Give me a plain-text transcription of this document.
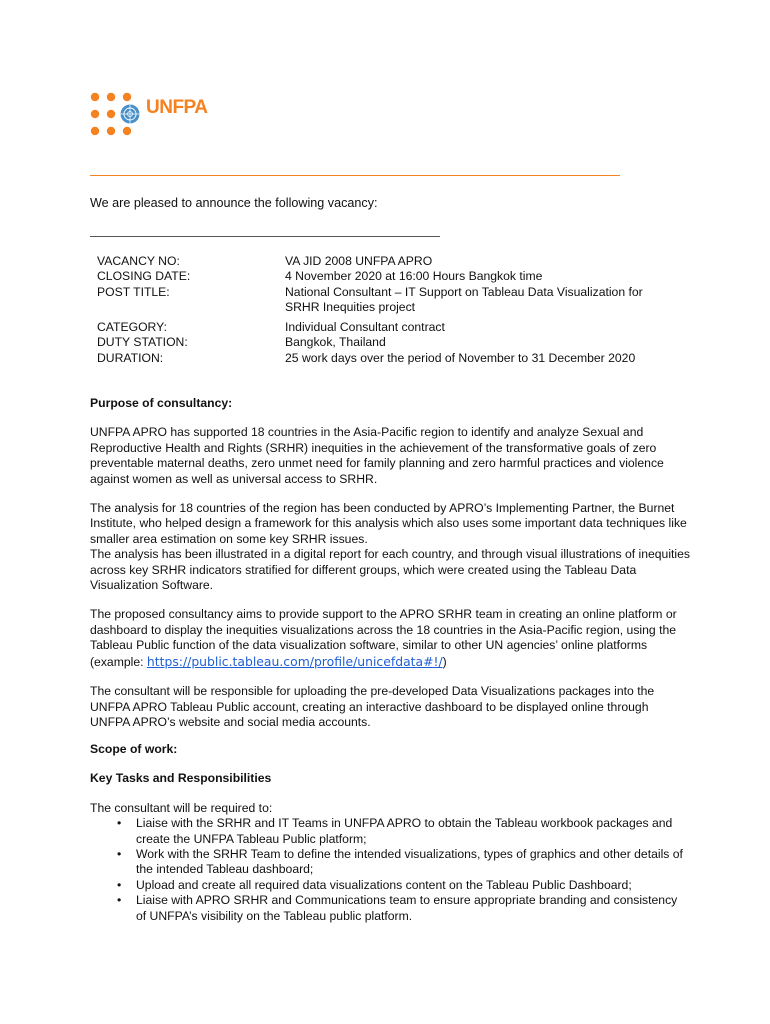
UNFPA
We are pleased to announce the following vacancy:
VACANCY NO:
CLOSING DATE:
POST TITLE:
CATEGORY:
DUTY STATION:
DURATION:
VA JID 2008 UNFPA APRO
4 November 2020 at 16:00 Hours Bangkok time
National Consultant – IT Support on Tableau Data Visualization for
SRHR Inequities project
Individual Consultant contract
Bangkok, Thailand
25 work days over the period of November to 31 December 2020

Purpose of consultancy:

UNFPA APRO has supported 18 countries in the Asia-Pacific region to identify and analyze Sexual and Reproductive Health and Rights (SRHR) inequities in the achievement of the transformative goals of zero preventable maternal deaths, zero unmet need for family planning and zero harmful practices and violence against women as well as universal access to SRHR.

The analysis for 18 countries of the region has been conducted by APRO’s Implementing Partner, the Burnet Institute, who helped design a framework for this analysis which also uses some important data techniques like smaller area estimation on some key SRHR issues.

The analysis has been illustrated in a digital report for each country, and through visual illustrations of inequities across key SRHR indicators stratified for different groups, which were created using the Tableau Data Visualization Software.

The proposed consultancy aims to provide support to the APRO SRHR team in creating an online platform or dashboard to display the inequities visualizations across the 18 countries in the Asia-Pacific region, using the Tableau Public function of the data visualization software, similar to other UN agencies’ online platforms
(example: https://public.tableau.com/profile/unicefdata#!/)

The consultant will be responsible for uploading the pre-developed Data Visualizations packages into the UNFPA APRO Tableau Public account, creating an interactive dashboard to be displayed online through UNFPA APRO’s website and social media accounts.

Scope of work:

Key Tasks and Responsibilities

The consultant will be required to:

• Liaise with the SRHR and IT Teams in UNFPA APRO to obtain the Tableau workbook packages and create the UNFPA Tableau Public platform;
• Work with the SRHR Team to define the intended visualizations, types of graphics and other details of the intended Tableau dashboard;
• Upload and create all required data visualizations content on the Tableau Public Dashboard;
• Liaise with APRO SRHR and Communications team to ensure appropriate branding and consistency of UNFPA’s visibility on the Tableau public platform.
